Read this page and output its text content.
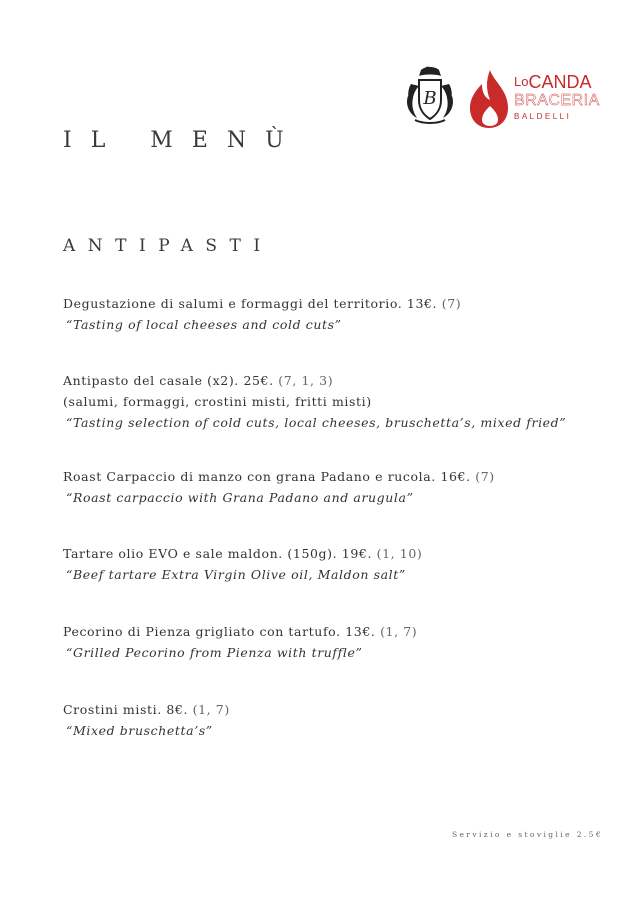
B
LoCANDA
BRACERIA
BALDELLI
IL MENÙ
ANTIPASTI
Degustazione di salumi e formaggi del territorio. 13€. (7)
“Tasting of local cheeses and cold cuts”
Antipasto del casale (x2). 25€. (7, 1, 3)
(salumi, formaggi, crostini misti, fritti misti)
“Tasting selection of cold cuts, local cheeses, bruschetta’s, mixed fried”
Roast Carpaccio di manzo con grana Padano e rucola. 16€. (7)
“Roast carpaccio with Grana Padano and arugula”
Tartare olio EVO e sale maldon. (150g). 19€. (1, 10)
“Beef tartare Extra Virgin Olive oil, Maldon salt”
Pecorino di Pienza grigliato con tartufo. 13€. (1, 7)
“Grilled Pecorino from Pienza with truffle”
Crostini misti. 8€. (1, 7)
“Mixed bruschetta’s”
Servizio e stoviglie 2.5€
